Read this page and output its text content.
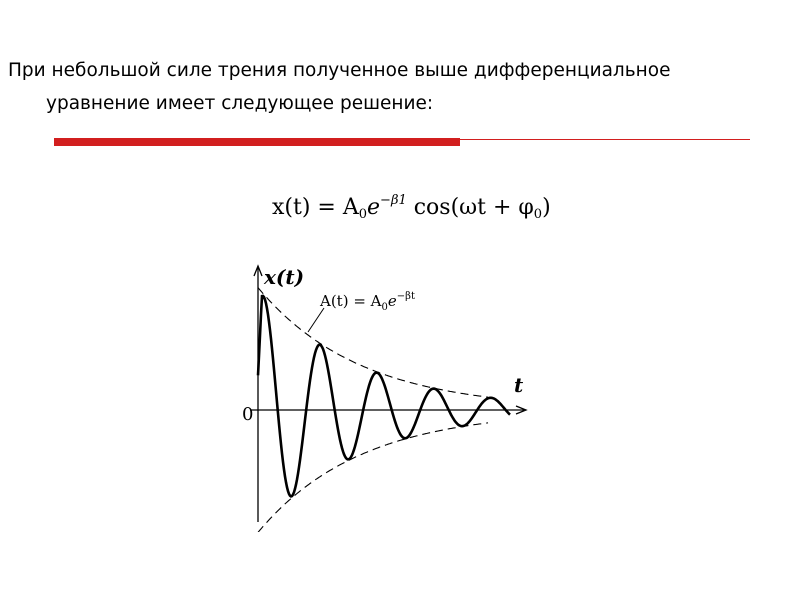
При небольшой силе трения полученное выше дифференциальное
уравнение имеет следующее решение:

$x(t) = A_0e^{-\beta 1}$ $\cos(\omega t + \varphi_0)$
x(t)
t
0
$A(t) = A_0e^{-\beta t}$
